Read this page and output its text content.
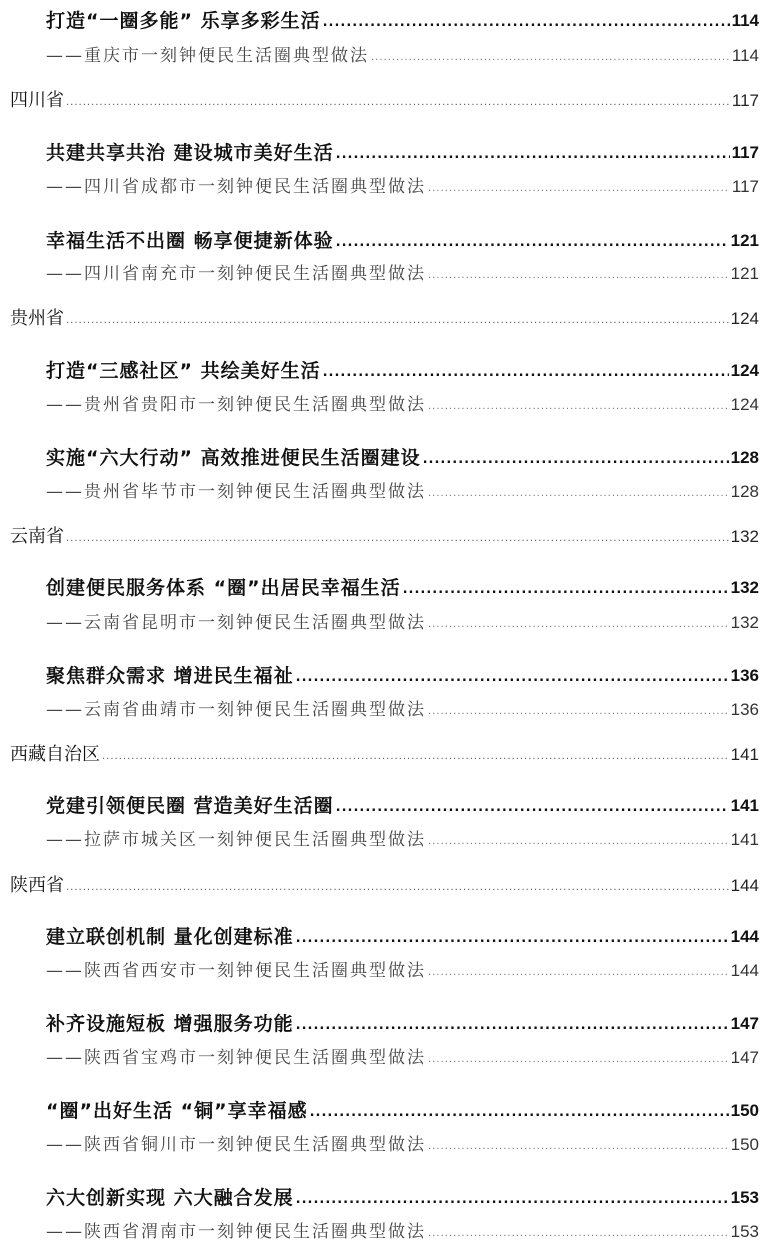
打造“一圈多能” 乐享多彩生活 .....	114
——重庆市一刻钟便民生活圈典型做法 .....	114
四川省 .....	117
共建共享共治 建设城市美好生活 .....	117
——四川省成都市一刻钟便民生活圈典型做法 .....	117
幸福生活不出圈 畅享便捷新体验 .....	121
——四川省南充市一刻钟便民生活圈典型做法 .....	121
贵州省 .....	124
打造“三感社区” 共绘美好生活 .....	124
——贵州省贵阳市一刻钟便民生活圈典型做法 .....	124
实施“六大行动” 高效推进便民生活圈建设 .....	128
——贵州省毕节市一刻钟便民生活圈典型做法 .....	128
云南省 .....	132
创建便民服务体系 “圈”出居民幸福生活 .....	132
——云南省昆明市一刻钟便民生活圈典型做法 .....	132
聚焦群众需求 增进民生福祉 .....	136
——云南省曲靖市一刻钟便民生活圈典型做法 .....	136
西藏自治区 .....	141
党建引领便民圈 营造美好生活圈 .....	141
——拉萨市城关区一刻钟便民生活圈典型做法 .....	141
陕西省 .....	144
建立联创机制 量化创建标准 .....	144
——陕西省西安市一刻钟便民生活圈典型做法 .....	144
补齐设施短板 增强服务功能 .....	147
——陕西省宝鸡市一刻钟便民生活圈典型做法 .....	147
“圈”出好生活 “铜”享幸福感 .....	150
——陕西省铜川市一刻钟便民生活圈典型做法 .....	150
六大创新实现 六大融合发展 .....	153
——陕西省渭南市一刻钟便民生活圈典型做法 .....	153
